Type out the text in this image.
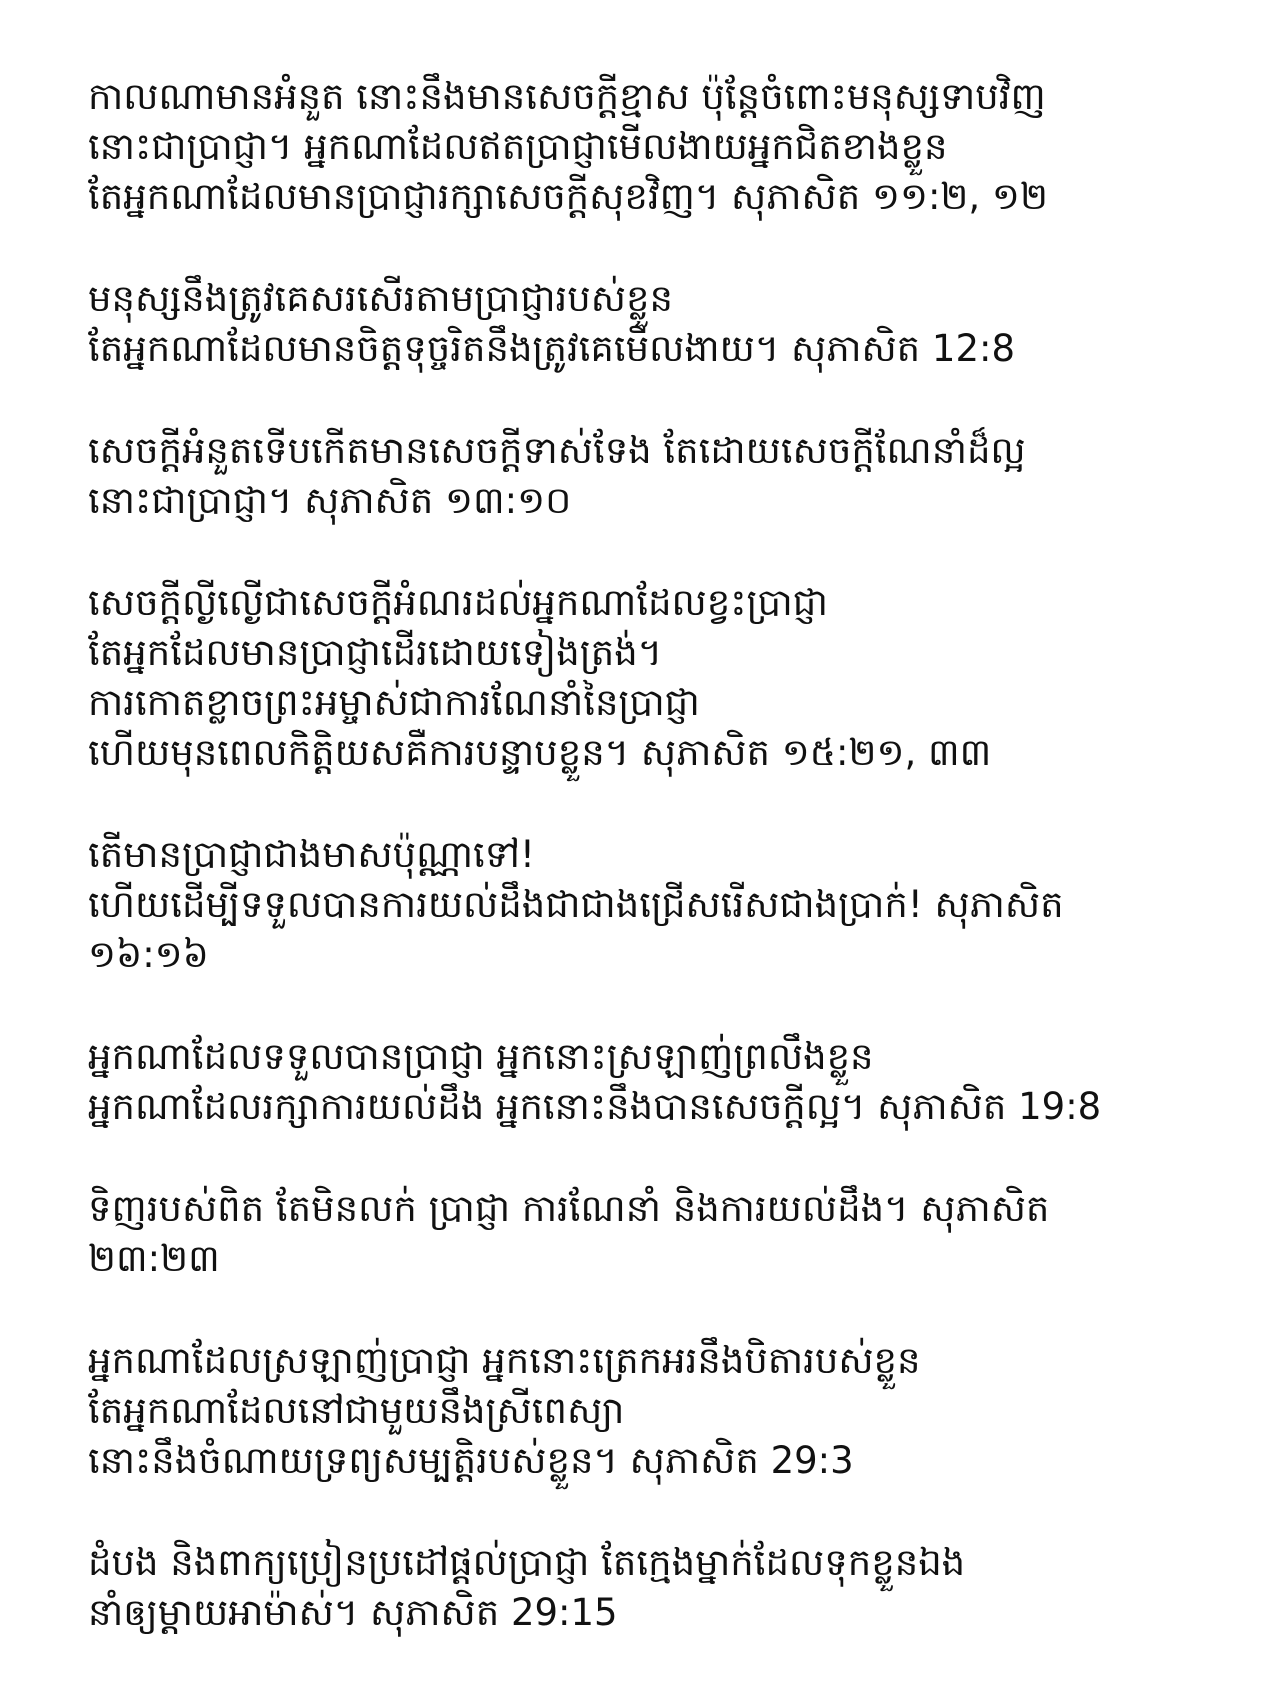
កាលណាមានអំនួត នោះនឹងមានសេចក្តីខ្មាស ប៉ុន្តែចំពោះមនុស្សទាបវិញ
នោះជាប្រាជ្ញា។ អ្នកណាដែលឥតប្រាជ្ញាមើលងាយអ្នកជិតខាងខ្លួន
តែអ្នកណាដែលមានប្រាជ្ញារក្សាសេចក្តីសុខវិញ។ សុភាសិត ១១:២, ១២
មនុស្សនឹងត្រូវគេសរសើរតាមប្រាជ្ញារបស់ខ្លួន
តែអ្នកណាដែលមានចិត្តទុច្ចរិតនឹងត្រូវគេមើលងាយ។ សុភាសិត 12:8
សេចក្តីអំនួតទើបកើតមានសេចក្តីទាស់ទែង តែដោយសេចក្តីណែនាំដ៏ល្អ
នោះជាប្រាជ្ញា។ សុភាសិត ១៣:១០
សេចក្តីល្ងីល្ងើជាសេចក្តីអំណរដល់អ្នកណាដែលខ្វះប្រាជ្ញា
តែអ្នកដែលមានប្រាជ្ញាដើរដោយទៀងត្រង់។
ការកោតខ្លាចព្រះអម្ចាស់ជាការណែនាំនៃប្រាជ្ញា
ហើយមុនពេលកិត្តិយសគឺការបន្ទាបខ្លួន។ សុភាសិត ១៥:២១, ៣៣
តើមានប្រាជ្ញាជាងមាសប៉ុណ្ណាទៅ!
ហើយដើម្បីទទួលបានការយល់ដឹងជាជាងជ្រើសរើសជាងប្រាក់! សុភាសិត
១៦:១៦
អ្នកណាដែលទទួលបានប្រាជ្ញា អ្នកនោះស្រឡាញ់ព្រលឹងខ្លួន
អ្នកណាដែលរក្សាការយល់ដឹង អ្នកនោះនឹងបានសេចក្តីល្អ។ សុភាសិត 19:8
ទិញរបស់ពិត តែមិនលក់ ប្រាជ្ញា ការណែនាំ និងការយល់ដឹង។ សុភាសិត
២៣:២៣
អ្នកណាដែលស្រឡាញ់ប្រាជ្ញា អ្នកនោះត្រេកអរនឹងបិតារបស់ខ្លួន
តែអ្នកណាដែលនៅជាមួយនឹងស្រីពេស្យា
នោះនឹងចំណាយទ្រព្យសម្បត្តិរបស់ខ្លួន។ សុភាសិត 29:3
ដំបង និងពាក្យប្រៀនប្រដៅផ្តល់ប្រាជ្ញា តែក្មេងម្នាក់ដែលទុកខ្លួនឯង
នាំឲ្យម្តាយអាម៉ាស់។ សុភាសិត 29:15
